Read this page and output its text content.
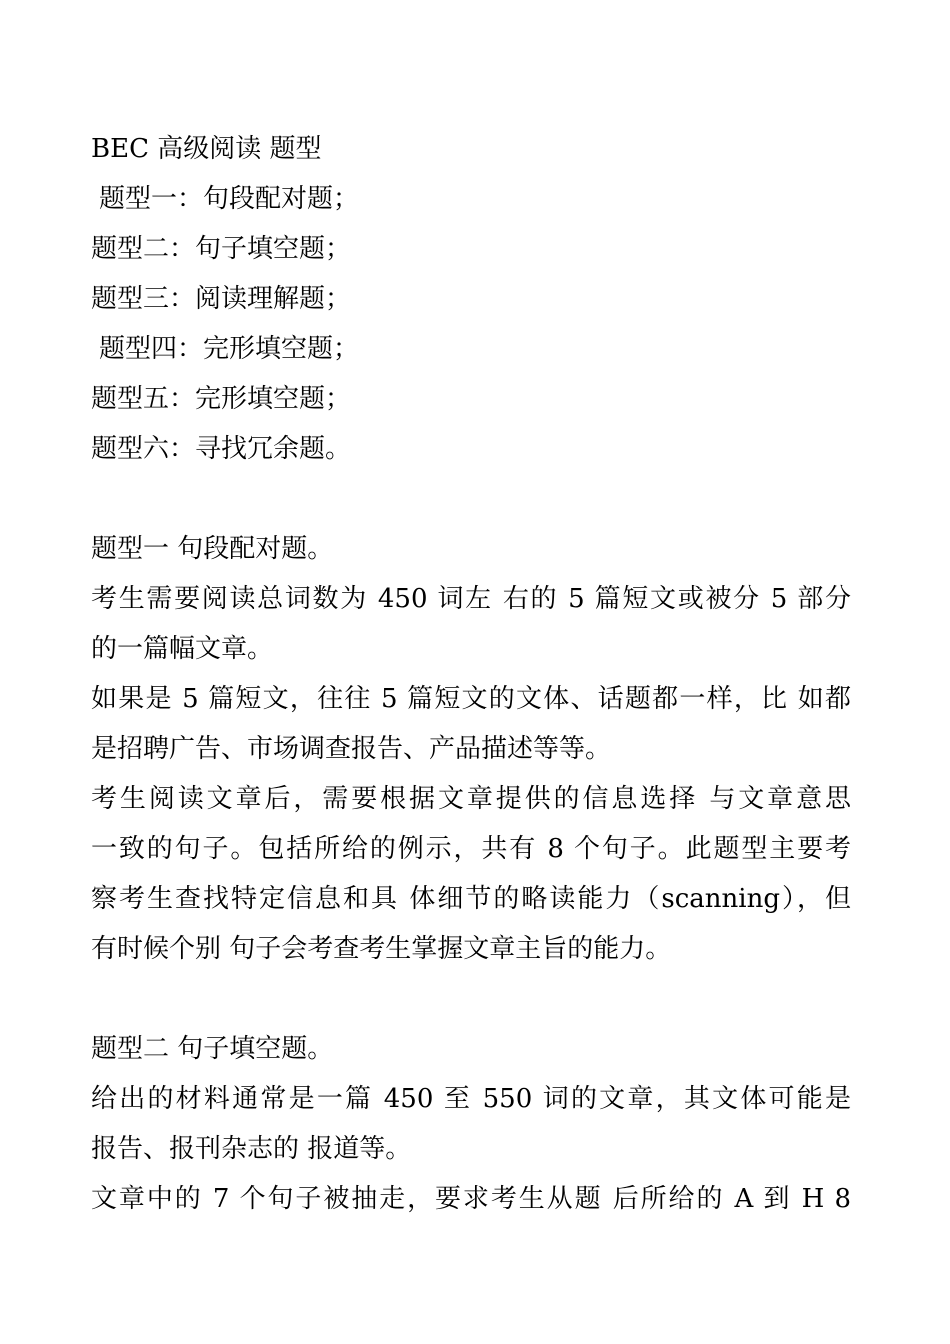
BEC 高级阅读 题型
题型一：句段配对题；
题型二：句子填空题；
题型三：阅读理解题；
题型四：完形填空题；
题型五：完形填空题；
题型六：寻找冗余题。
题型一 句段配对题。
考生需要阅读总词数为 450 词左 右的 5 篇短文或被分 5 部分
的一篇幅文章。
如果是 5 篇短文，往往 5 篇短文的文体、话题都一样，比 如都
是招聘广告、市场调查报告、产品描述等等。
考生阅读文章后，需要根据文章提供的信息选择 与文章意思
一致的句子。包括所给的例示，共有 8 个句子。此题型主要考
察考生查找特定信息和具 体细节的略读能力（scanning），但
有时候个别 句子会考查考生掌握文章主旨的能力。
题型二 句子填空题。
给出的材料通常是一篇 450 至 550 词的文章，其文体可能是
报告、报刊杂志的 报道等。
文章中的 7 个句子被抽走，要求考生从题 后所给的 A 到 H 8
